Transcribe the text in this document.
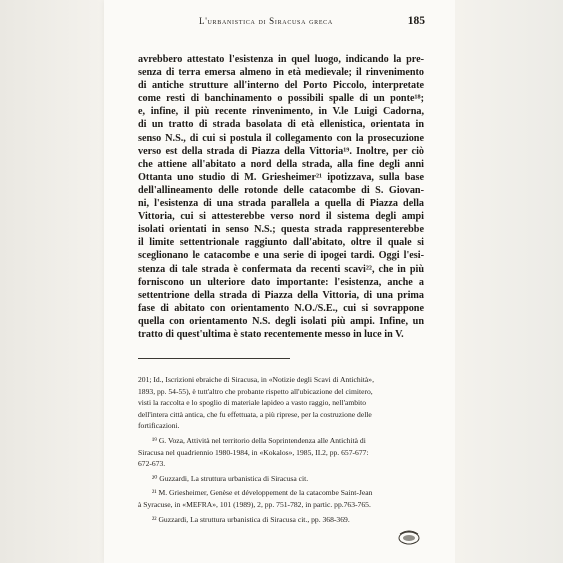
L'urbanistica di Siracusa greca	185
avrebbero attestato l'esistenza in quel luogo, indicando la pre-
senza di terra emersa almeno in età medievale; il rinvenimento
di antiche strutture all'interno del Porto Piccolo, interpretate
come resti di banchinamento o possibili spalle di un ponte¹⁸;
e, infine, il più recente rinvenimento, in V.le Luigi Cadorna,
di un tratto di strada basolata di età ellenistica, orientata in
senso N.S., di cui si postula il collegamento con la prosecuzione
verso est della strada di Piazza della Vittoria¹⁹. Inoltre, per ciò
che attiene all'abitato a nord della strada, alla fine degli anni
Ottanta uno studio di M. Griesheimer²¹ ipotizzava, sulla base
dell'allineamento delle rotonde delle catacombe di S. Giovan-
ni, l'esistenza di una strada parallela a quella di Piazza della
Vittoria, cui si attesterebbe verso nord il sistema degli ampi
isolati orientati in senso N.S.; questa strada rappresenterebbe
il limite settentrionale raggiunto dall'abitato, oltre il quale si
sceglionano le catacombe e una serie di ipogei tardi. Oggi l'esi-
stenza di tale strada è confermata da recenti scavi²², che in più
forniscono un ulteriore dato importante: l'esistenza, anche a
settentrione della strada di Piazza della Vittoria, di una prima
fase di abitato con orientamento N.O./S.E., cui si sovrappone
quella con orientamento N.S. degli isolati più ampi. Infine, un
tratto di quest'ultima è stato recentemente messo in luce in V.
201; Id., Iscrizioni ebraiche di Siracusa, in «Notizie degli Scavi di Antichità»,
1893, pp. 54-55), è tutt'altro che probante rispetto all'ubicazione del cimitero,
visti la raccolta e lo spoglio di materiale lapideo a vasto raggio, nell'ambito
dell'intera città antica, che fu effettuata, a più riprese, per la costruzione delle
fortificazioni.
¹⁹ G. Voza, Attività nel territorio della Soprintendenza alle Antichità di
Siracusa nel quadriennio 1980-1984, in «Kokalos», 1985, II.2, pp. 657-677:
672-673.
²⁰ Guzzardi, La struttura urbanistica di Siracusa cit.
²¹ M. Griesheimer, Genèse et développement de la catacombe Saint-Jean
à Syracuse, in «MEFRA», 101 (1989), 2, pp. 751-782, in partic. pp.763-765.
²² Guzzardi, La struttura urbanistica di Siracusa cit., pp. 368-369.
